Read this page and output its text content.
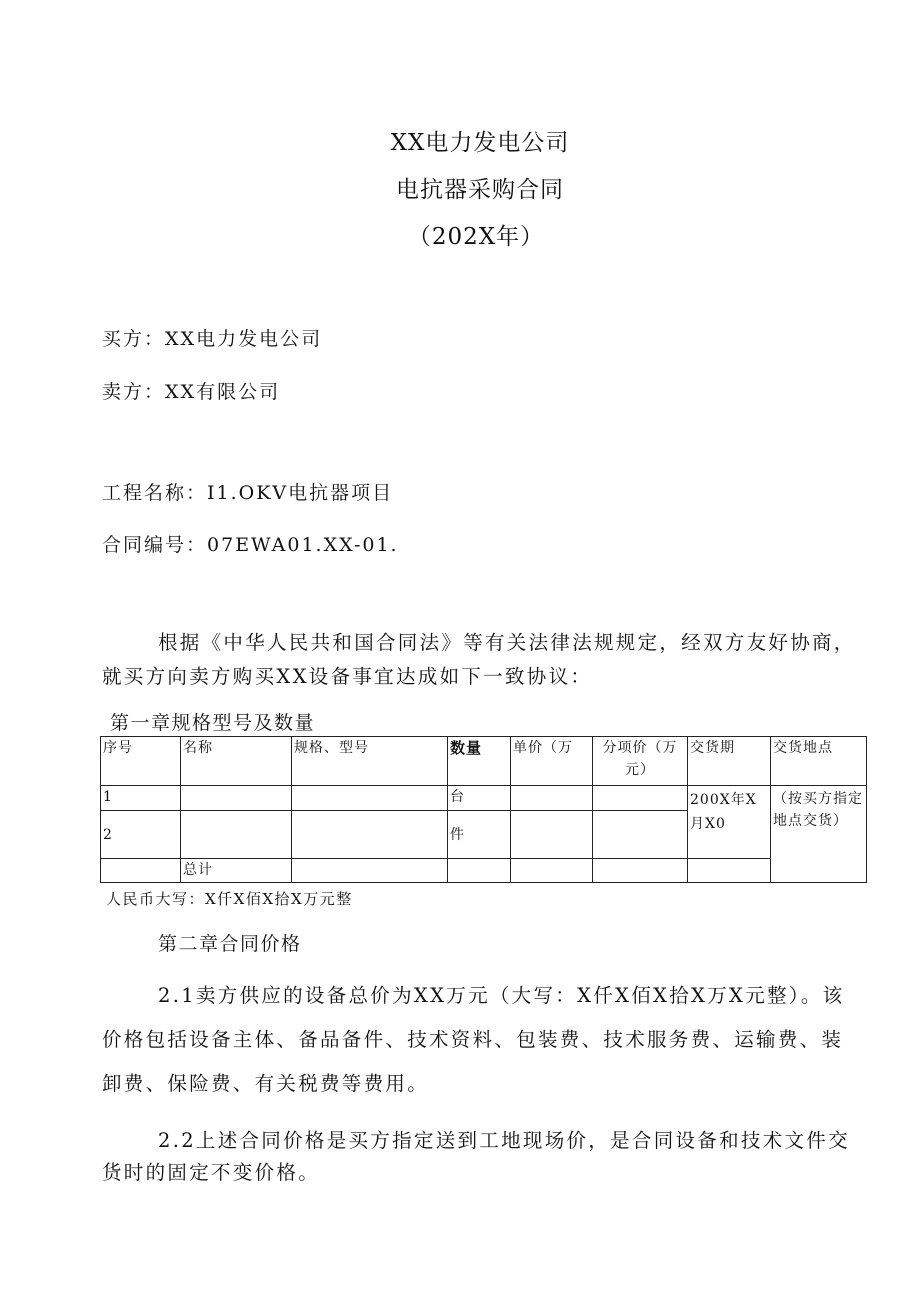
XX电力发电公司
电抗器采购合同
（202X年）
买方：XX电力发电公司
卖方：XX有限公司
工程名称：I1.OKV电抗器项目
合同编号：07EWA01.XX-01.
根据《中华人民共和国合同法》等有关法律法规规定，经双方友好协商，就买方向卖方购买XX设备事宜达成如下一致协议：
第一章规格型号及数量
序号	名称	规格、型号	数量	单价（万	分项价（万元）	交货期	交货地点
1			台			200X年X月X0	（按买方指定地点交货）
2			件				
	总计						
人民币大写：X仟X佰X拾X万元整
第二章合同价格
2.1卖方供应的设备总价为XX万元（大写：X仟X佰X拾X万X元整）。该价格包括设备主体、备品备件、技术资料、包装费、技术服务费、运输费、装卸费、保险费、有关税费等费用。
2.2上述合同价格是买方指定送到工地现场价，是合同设备和技术文件交货时的固定不变价格。
